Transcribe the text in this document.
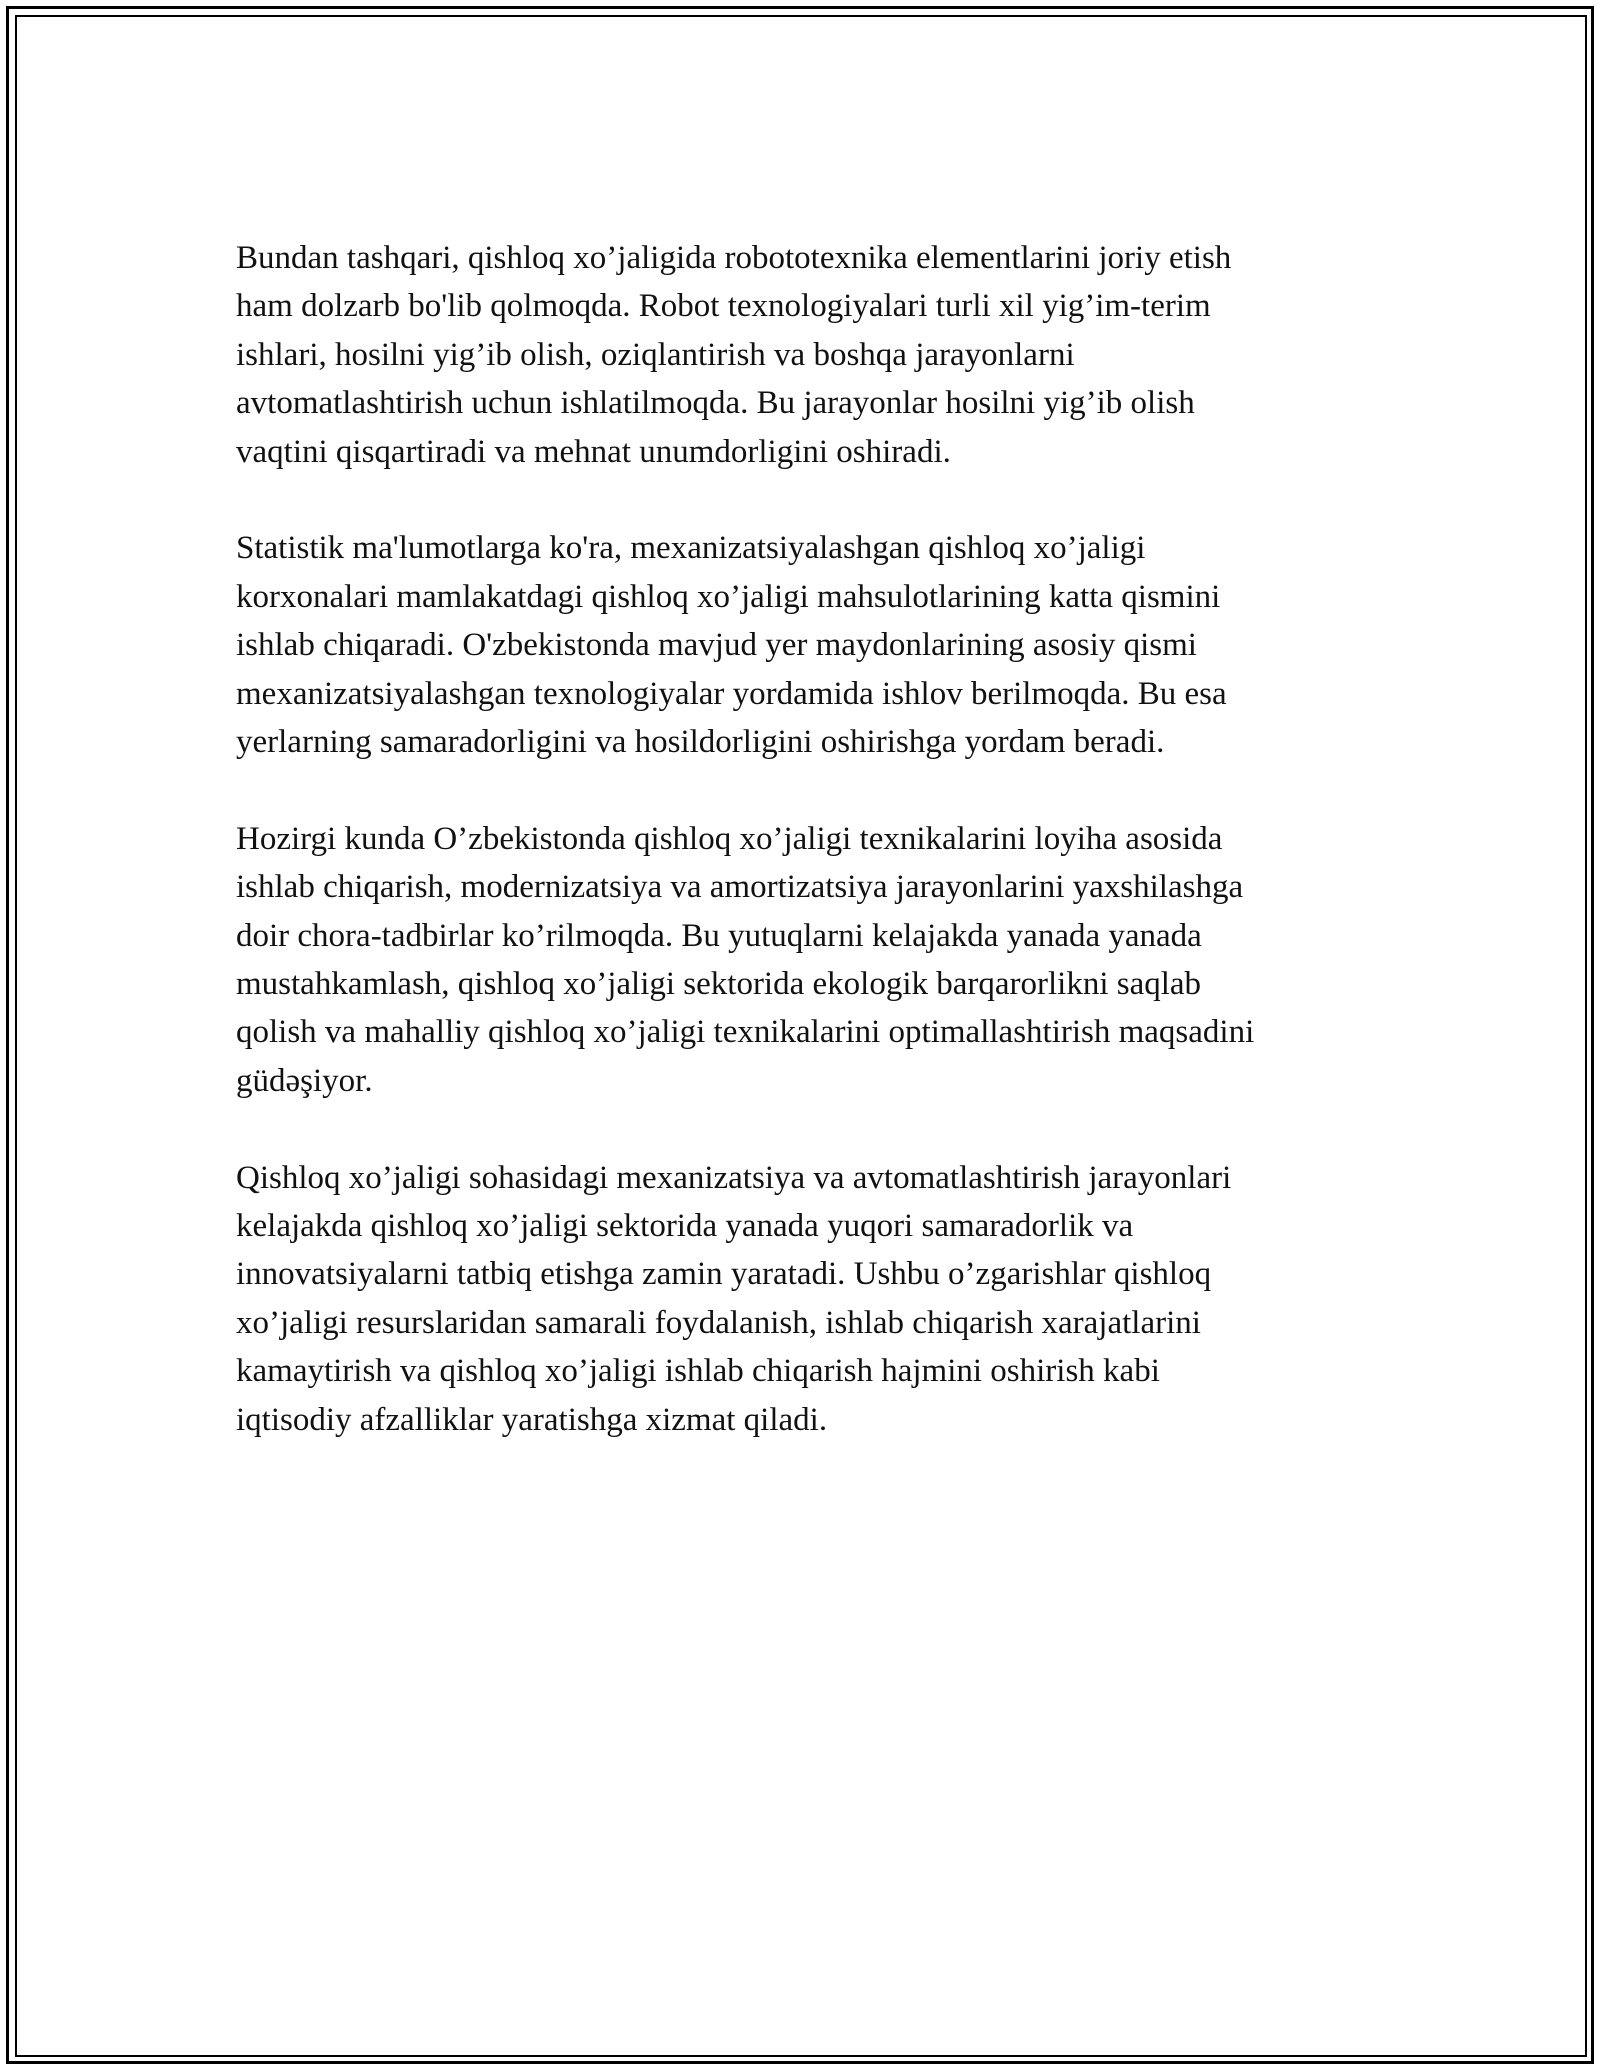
Bundan tashqari, qishloq xo’jaligida robototexnika elementlarini joriy etish
ham dolzarb bo'lib qolmoqda. Robot texnologiyalari turli xil yig’im-terim
ishlari, hosilni yig’ib olish, oziqlantirish va boshqa jarayonlarni
avtomatlashtirish uchun ishlatilmoqda. Bu jarayonlar hosilni yig’ib olish
vaqtini qisqartiradi va mehnat unumdorligini oshiradi.

Statistik ma'lumotlarga ko'ra, mexanizatsiyalashgan qishloq xo’jaligi
korxonalari mamlakatdagi qishloq xo’jaligi mahsulotlarining katta qismini
ishlab chiqaradi. O'zbekistonda mavjud yer maydonlarining asosiy qismi
mexanizatsiyalashgan texnologiyalar yordamida ishlov berilmoqda. Bu esa
yerlarning samaradorligini va hosildorligini oshirishga yordam beradi.

Hozirgi kunda O’zbekistonda qishloq xo’jaligi texnikalarini loyiha asosida
ishlab chiqarish, modernizatsiya va amortizatsiya jarayonlarini yaxshilashga
doir chora-tadbirlar ko’rilmoqda. Bu yutuqlarni kelajakda yanada yanada
mustahkamlash, qishloq xo’jaligi sektorida ekologik barqarorlikni saqlab
qolish va mahalliy qishloq xo’jaligi texnikalarini optimallashtirish maqsadini
güdəşiyor.

Qishloq xo’jaligi sohasidagi mexanizatsiya va avtomatlashtirish jarayonlari
kelajakda qishloq xo’jaligi sektorida yanada yuqori samaradorlik va
innovatsiyalarni tatbiq etishga zamin yaratadi. Ushbu o’zgarishlar qishloq
xo’jaligi resurslaridan samarali foydalanish, ishlab chiqarish xarajatlarini
kamaytirish va qishloq xo’jaligi ishlab chiqarish hajmini oshirish kabi
iqtisodiy afzalliklar yaratishga xizmat qiladi.
